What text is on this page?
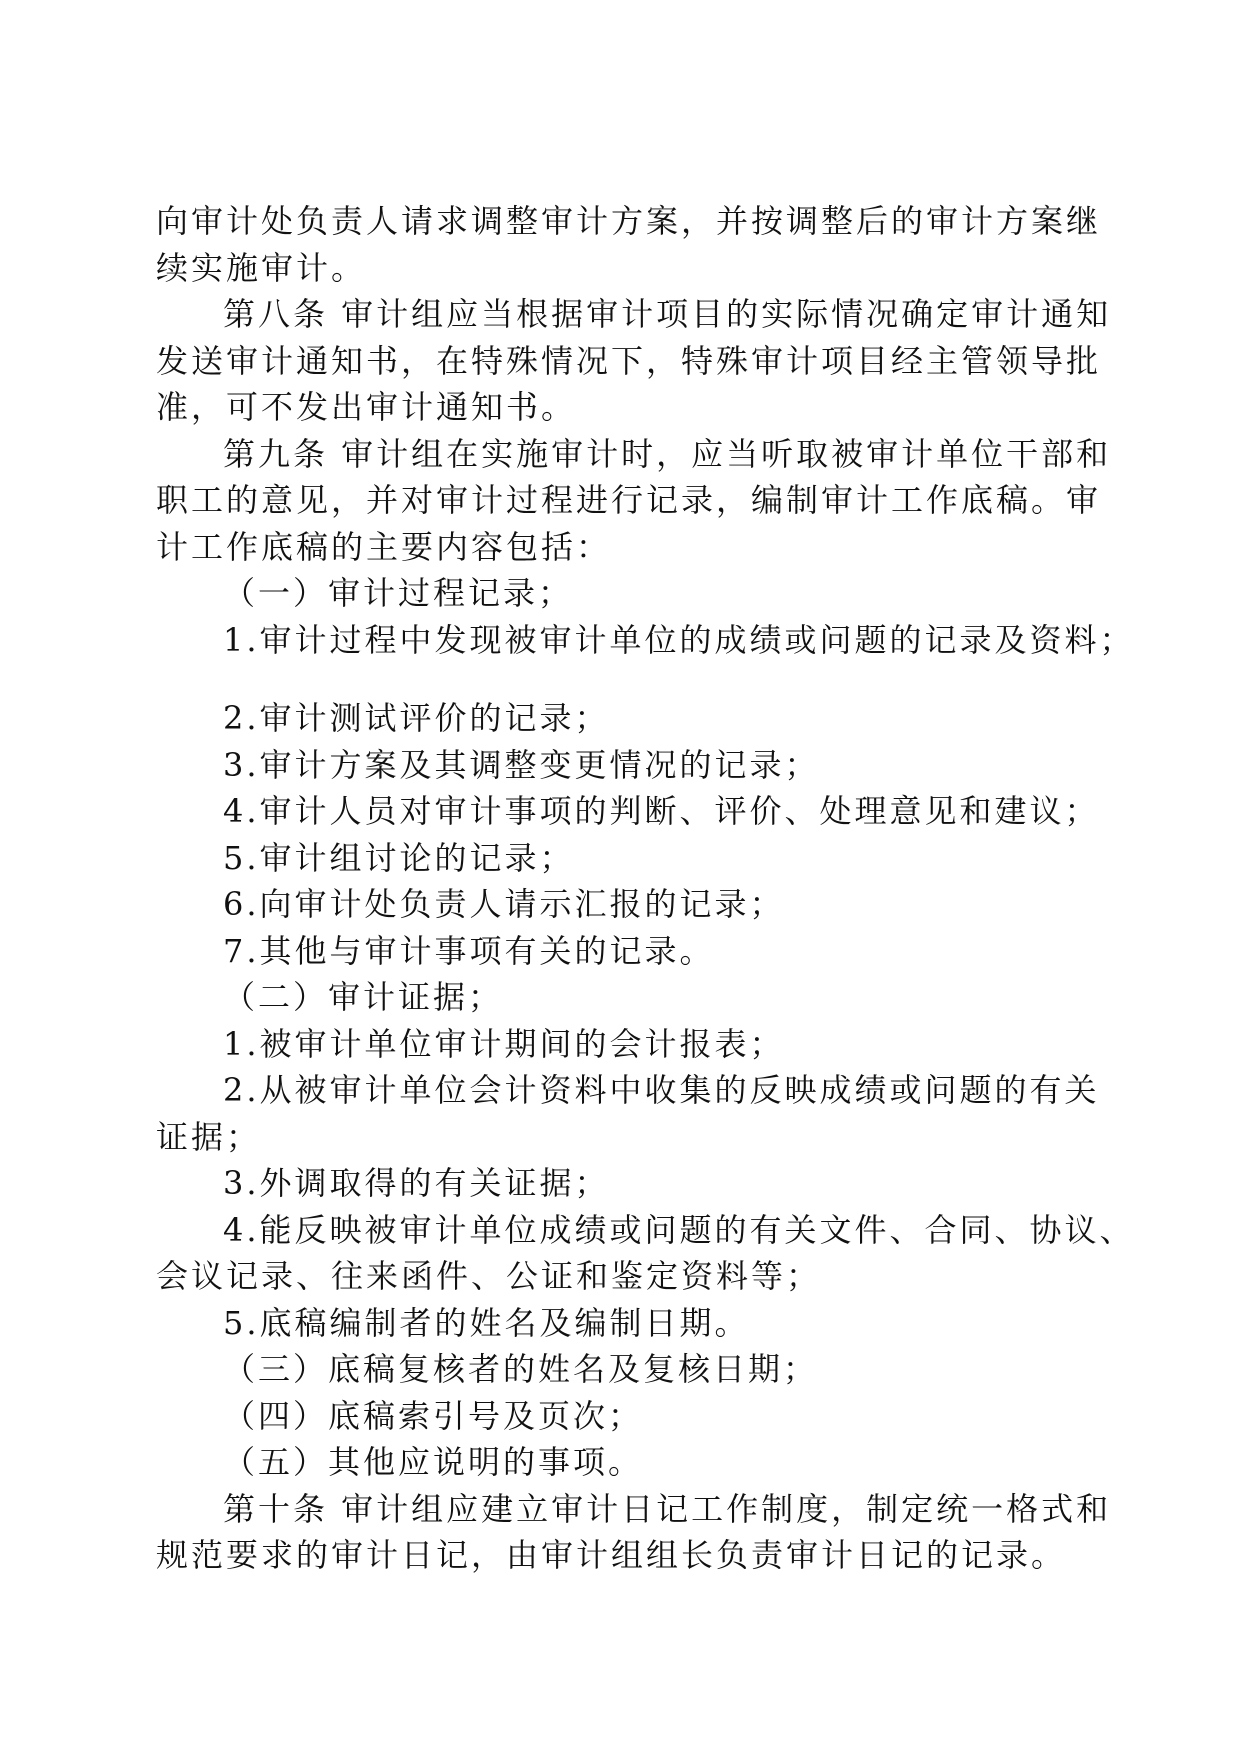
向审计处负责人请求调整审计方案，并按调整后的审计方案继
续实施审计。
第八条 审计组应当根据审计项目的实际情况确定审计通知
发送审计通知书，在特殊情况下，特殊审计项目经主管领导批
准，可不发出审计通知书。
第九条 审计组在实施审计时，应当听取被审计单位干部和
职工的意见，并对审计过程进行记录，编制审计工作底稿。审
计工作底稿的主要内容包括：
（一）审计过程记录；
1.审计过程中发现被审计单位的成绩或问题的记录及资料；
2.审计测试评价的记录；
3.审计方案及其调整变更情况的记录；
4.审计人员对审计事项的判断、评价、处理意见和建议；
5.审计组讨论的记录；
6.向审计处负责人请示汇报的记录；
7.其他与审计事项有关的记录。
（二）审计证据；
1.被审计单位审计期间的会计报表；
2.从被审计单位会计资料中收集的反映成绩或问题的有关
证据；
3.外调取得的有关证据；
4.能反映被审计单位成绩或问题的有关文件、合同、协议、
会议记录、往来函件、公证和鉴定资料等；
5.底稿编制者的姓名及编制日期。
（三）底稿复核者的姓名及复核日期；
（四）底稿索引号及页次；
（五）其他应说明的事项。
第十条 审计组应建立审计日记工作制度，制定统一格式和
规范要求的审计日记，由审计组组长负责审计日记的记录。
